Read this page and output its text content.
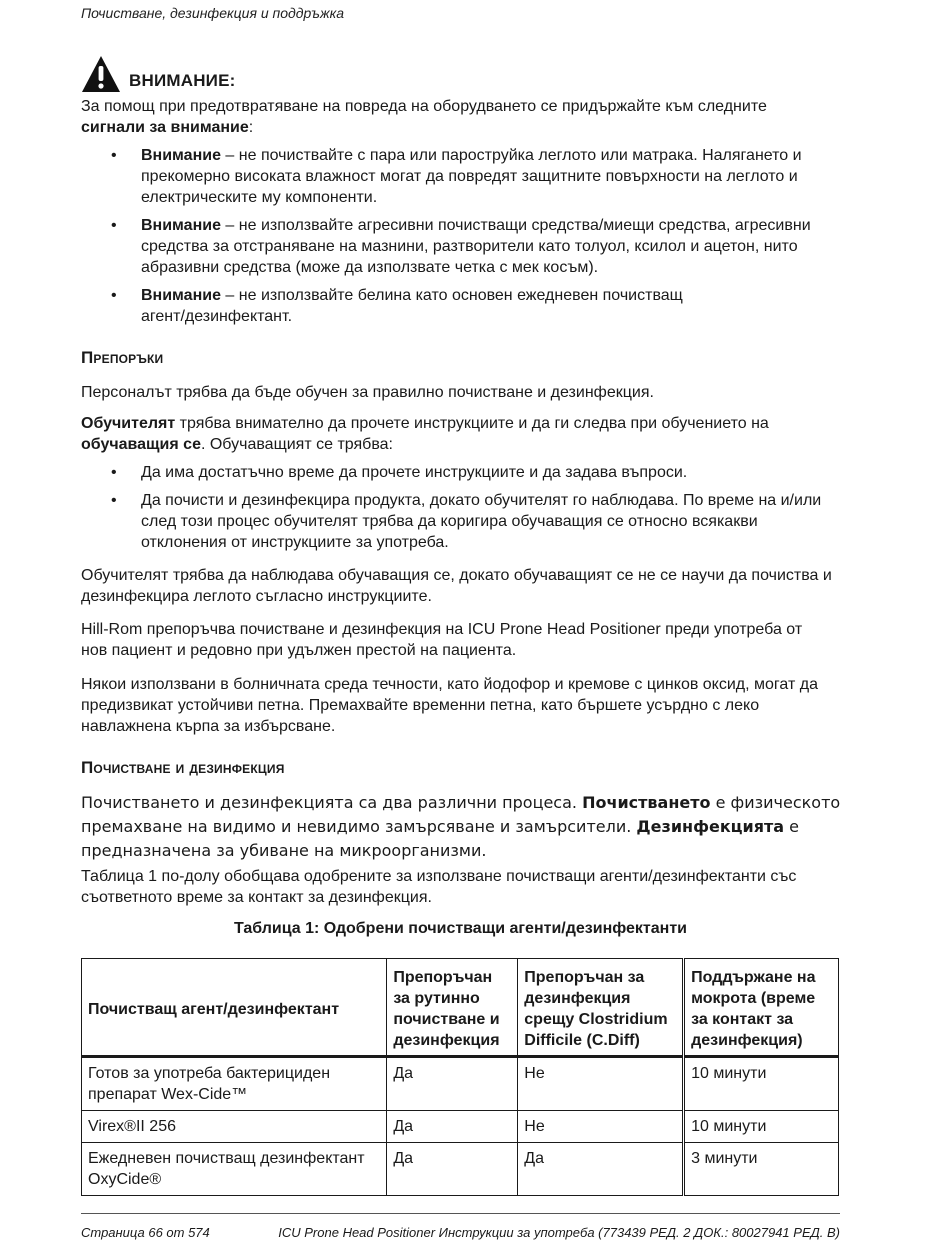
Почистване, дезинфекция и поддръжка
ВНИМАНИЕ:
За помощ при предотвратяване на повреда на оборудването се придържайте към следните
сигнали за внимание:
• Внимание – не почиствайте с пара или пароструйка леглото или матрака. Налягането и
прекомерно високата влажност могат да повредят защитните повърхности на леглото и
електрическите му компоненти.
• Внимание – не използвайте агресивни почистващи средства/миещи средства, агресивни
средства за отстраняване на мазнини, разтворители като толуол, ксилол и ацетон, нито
абразивни средства (може да използвате четка с мек косъм).
• Внимание – не използвайте белина като основен ежедневен почистващ
агент/дезинфектант.
Препоръки
Персоналът трябва да бъде обучен за правилно почистване и дезинфекция.
Обучителят трябва внимателно да прочете инструкциите и да ги следва при обучението на
обучаващия се. Обучаващият се трябва:
• Да има достатъчно време да прочете инструкциите и да задава въпроси.
• Да почисти и дезинфекцира продукта, докато обучителят го наблюдава. По време на и/или
след този процес обучителят трябва да коригира обучаващия се относно всякакви
отклонения от инструкциите за употреба.
Обучителят трябва да наблюдава обучаващия се, докато обучаващият се не се научи да почиства и
дезинфекцира леглото съгласно инструкциите.
Hill-Rom препоръчва почистване и дезинфекция на ICU Prone Head Positioner преди употреба от
нов пациент и редовно при удължен престой на пациента.
Някои използвани в болничната среда течности, като йодофор и кремове с цинков оксид, могат да
предизвикат устойчиви петна. Премахвайте временни петна, като бършете усърдно с леко
навлажнена кърпа за избърсване.
Почистване и дезинфекция
Почистването и дезинфекцията са два различни процеса. Почистването е физическото
премахване на видимо и невидимо замърсяване и замърсители. Дезинфекцията е
предназначена за убиване на микроорганизми.
Таблица 1 по-долу обобщава одобрените за използване почистващи агенти/дезинфектанти със
съответното време за контакт за дезинфекция.
Таблица 1: Одобрени почистващи агенти/дезинфектанти
Почистващ агент/дезинфектант	Препоръчан за рутинно почистване и дезинфекция	Препоръчан за дезинфекция срещу Clostridium Difficile (C.Diff)	Поддържане на мокрота (време за контакт за дезинфекция)
Готов за употреба бактерициден препарат Wex-Cide™	Да	Не	10 минути
Virex®II 256	Да	Не	10 минути
Ежедневен почистващ дезинфектант OxyCide®	Да	Да	3 минути
Страница 66 от 574	ICU Prone Head Positioner Инструкции за употреба (773439 РЕД. 2 ДОК.: 80027941 РЕД. В)
